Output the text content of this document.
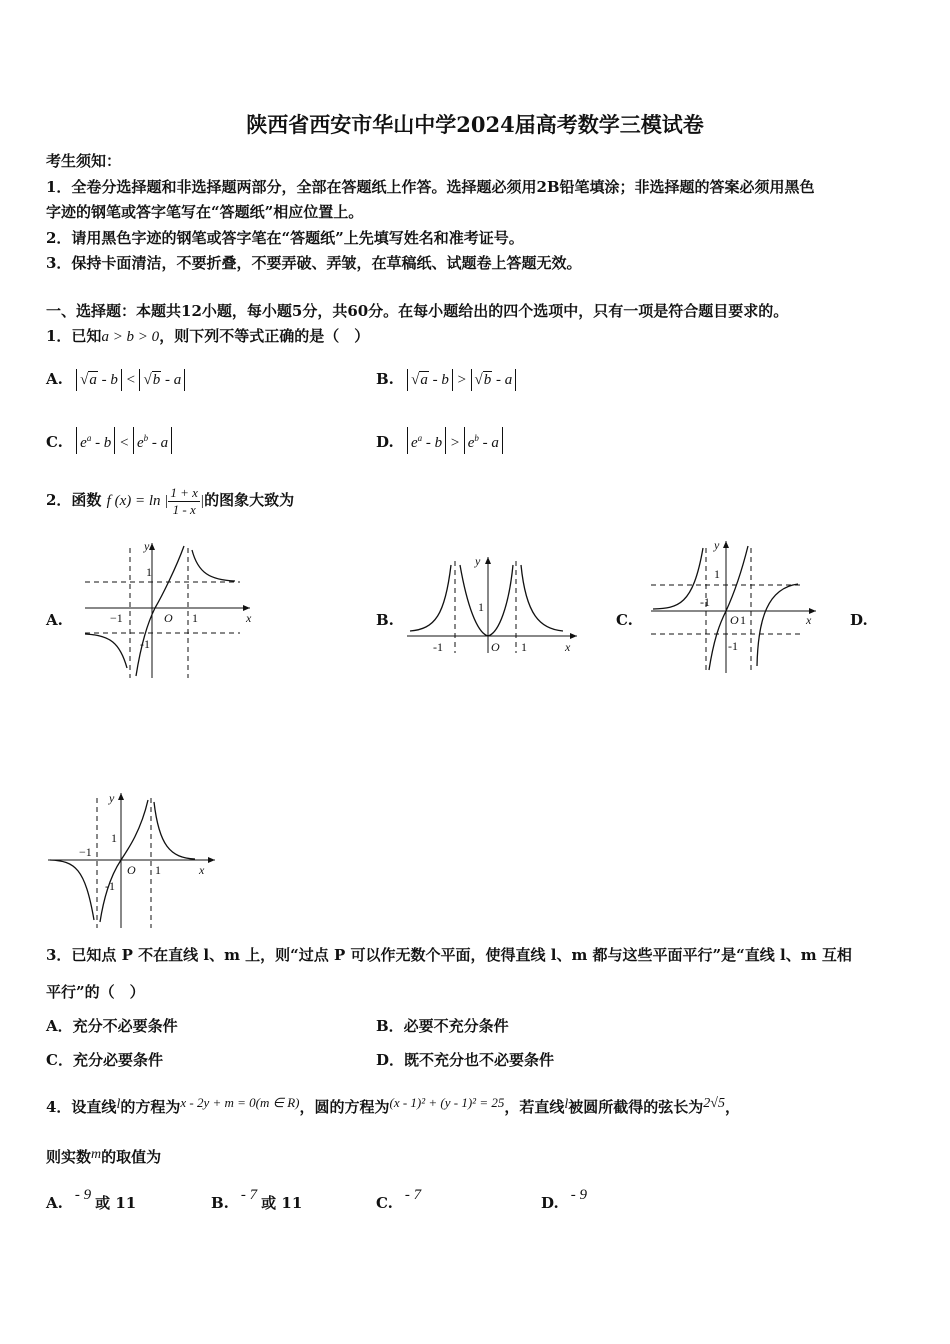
陕西省西安市华山中学2024届高考数学三模试卷
考生须知：
1．全卷分选择题和非选择题两部分，全部在答题纸上作答。选择题必须用2B铅笔填涂；非选择题的答案必须用黑色
字迹的钢笔或答字笔写在“答题纸”相应位置上。
2．请用黑色字迹的钢笔或答字笔在“答题纸”上先填写姓名和准考证号。
3．保持卡面清洁，不要折叠，不要弄破、弄皱，在草稿纸、试题卷上答题无效。
一、选择题：本题共12小题，每小题5分，共60分。在每小题给出的四个选项中，只有一项是符合题目要求的。
1．已知a > b > 0，则下列不等式正确的是（　）
A. √a - b < √b - a	B. √a - b > √b - a
C. $e^a - b < e^b - a$	D. $e^a - b > e^b - a$
2．函数 f (x) = ln | $\frac{1 + x}{1 - x}$ |的图象大致为
A.	B.	C.	D.
y
x
O 1
1
−1
-1
y
x
O 1
1
-1
y
x
O 1
1
-1
-1
y
x
O 1
1
−1
-1
3．已知点 P 不在直线 l、m 上，则“过点 P 可以作无数个平面，使得直线 l、m 都与这些平面平行”是“直线 l、m 互相
平行”的（　）
A．充分不必要条件	B．必要不充分条件
C．充分必要条件	D．既不充分也不必要条件
4．设直线l的方程为x - 2y + m = 0(m ∈ R)，圆的方程为(x - 1)² + (y - 1)² = 25，若直线l被圆所截得的弦长为2√5，
则实数m的取值为
A. - 9 或 11	B. - 7 或 11	C. - 7	D. - 9
